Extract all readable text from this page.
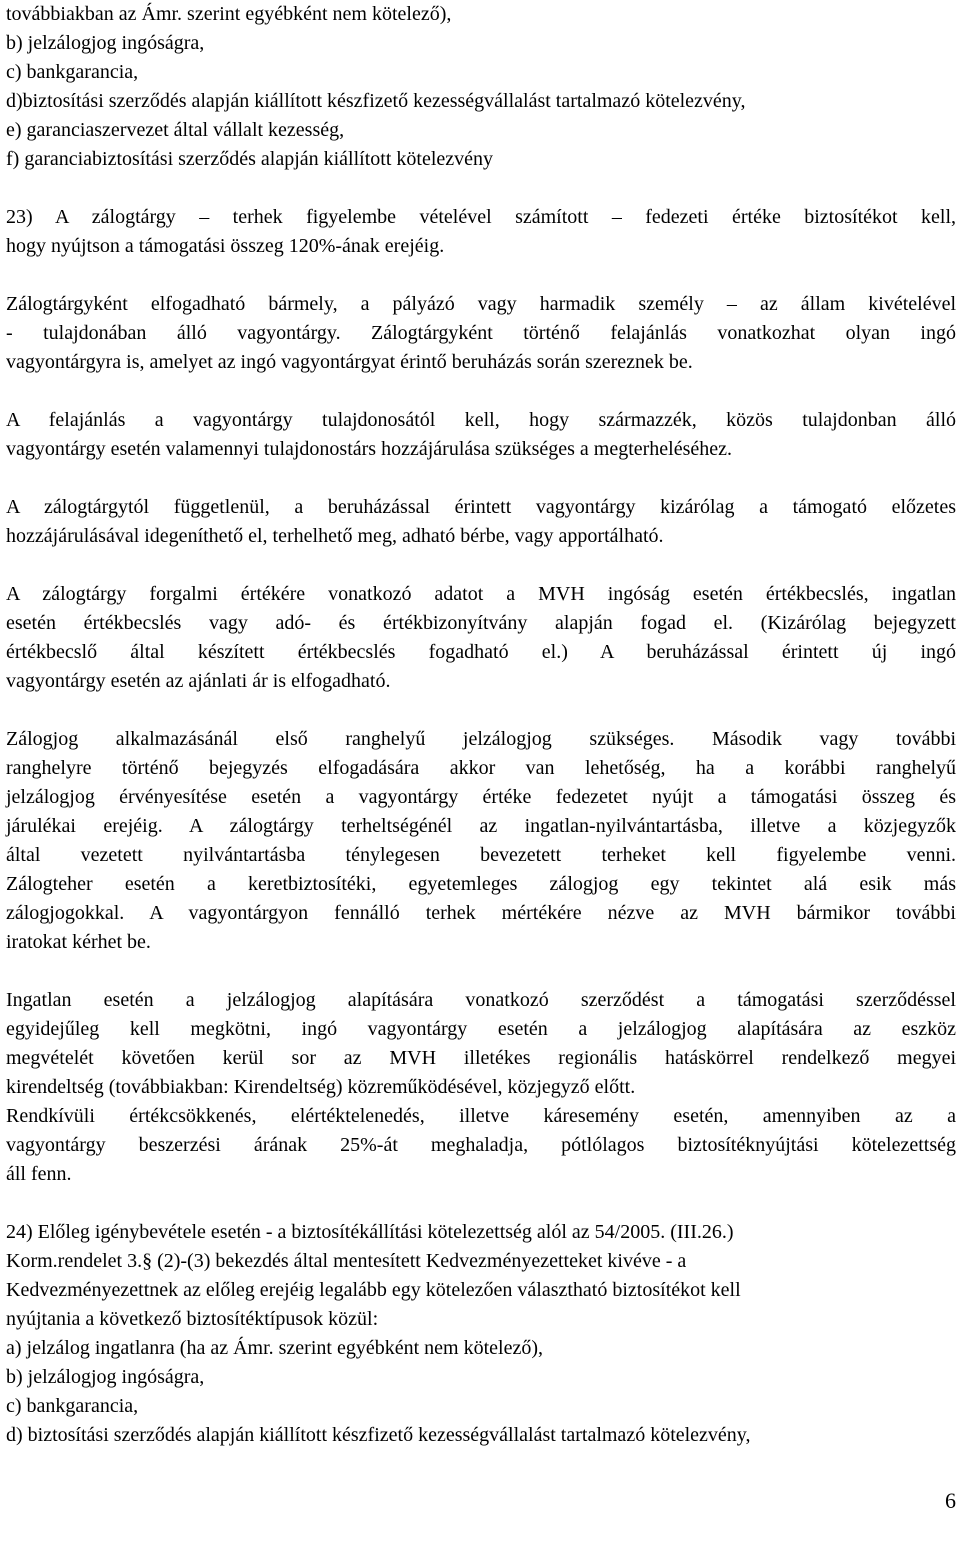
továbbiakban az Ámr. szerint egyébként nem kötelező),
b) jelzálogjog ingóságra,
c) bankgarancia,
d)biztosítási szerződés alapján kiállított készfizető kezességvállalást tartalmazó kötelezvény,
e) garanciaszervezet által vállalt kezesség,
f) garanciabiztosítási szerződés alapján kiállított kötelezvény
23) A zálogtárgy – terhek figyelembe vételével számított – fedezeti értéke biztosítékot kell,
hogy nyújtson a támogatási összeg 120%-ának erejéig.
Zálogtárgyként elfogadható bármely, a pályázó vagy harmadik személy – az állam kivételével
- tulajdonában álló vagyontárgy. Zálogtárgyként történő felajánlás vonatkozhat olyan ingó
vagyontárgyra is, amelyet az ingó vagyontárgyat érintő beruházás során szereznek be.
A felajánlás a vagyontárgy tulajdonosától kell, hogy származzék, közös tulajdonban álló
vagyontárgy esetén valamennyi tulajdonostárs hozzájárulása szükséges a megterheléséhez.
A zálogtárgytól függetlenül, a beruházással érintett vagyontárgy kizárólag a támogató előzetes
hozzájárulásával idegeníthető el, terhelhető meg, adható bérbe, vagy apportálható.
A zálogtárgy forgalmi értékére vonatkozó adatot a MVH ingóság esetén értékbecslés, ingatlan
esetén értékbecslés vagy adó- és értékbizonyítvány alapján fogad el. (Kizárólag bejegyzett
értékbecslő által készített értékbecslés fogadható el.) A beruházással érintett új ingó
vagyontárgy esetén az ajánlati ár is elfogadható.
Zálogjog alkalmazásánál első ranghelyű jelzálogjog szükséges. Második vagy további
ranghelyre történő bejegyzés elfogadására akkor van lehetőség, ha a korábbi ranghelyű
jelzálogjog érvényesítése esetén a vagyontárgy értéke fedezetet nyújt a támogatási összeg és
járulékai erejéig. A zálogtárgy terheltségénél az ingatlan-nyilvántartásba, illetve a közjegyzők
által vezetett nyilvántartásba ténylegesen bevezetett terheket kell figyelembe venni.
Zálogteher esetén a keretbiztosítéki, egyetemleges zálogjog egy tekintet alá esik más
zálogjogokkal. A vagyontárgyon fennálló terhek mértékére nézve az MVH bármikor további
iratokat kérhet be.
Ingatlan esetén a jelzálogjog alapítására vonatkozó szerződést a támogatási szerződéssel
egyidejűleg kell megkötni, ingó vagyontárgy esetén a jelzálogjog alapítására az eszköz
megvételét követően kerül sor az MVH illetékes regionális hatáskörrel rendelkező megyei
kirendeltség (továbbiakban: Kirendeltség) közreműködésével, közjegyző előtt.
Rendkívüli értékcsökkenés, elértéktelenedés, illetve káresemény esetén, amennyiben az a
vagyontárgy beszerzési árának 25%-át meghaladja, pótlólagos biztosítéknyújtási kötelezettség
áll fenn.
24) Előleg igénybevétele esetén - a biztosítékállítási kötelezettség alól az 54/2005. (III.26.)
Korm.rendelet 3.§ (2)-(3) bekezdés által mentesített Kedvezményezetteket kivéve - a
Kedvezményezettnek az előleg erejéig legalább egy kötelezően választható biztosítékot kell
nyújtania a következő biztosítéktípusok közül:
a) jelzálog ingatlanra (ha az Ámr. szerint egyébként nem kötelező),
b) jelzálogjog ingóságra,
c) bankgarancia,
d) biztosítási szerződés alapján kiállított készfizető kezességvállalást tartalmazó kötelezvény,
6
